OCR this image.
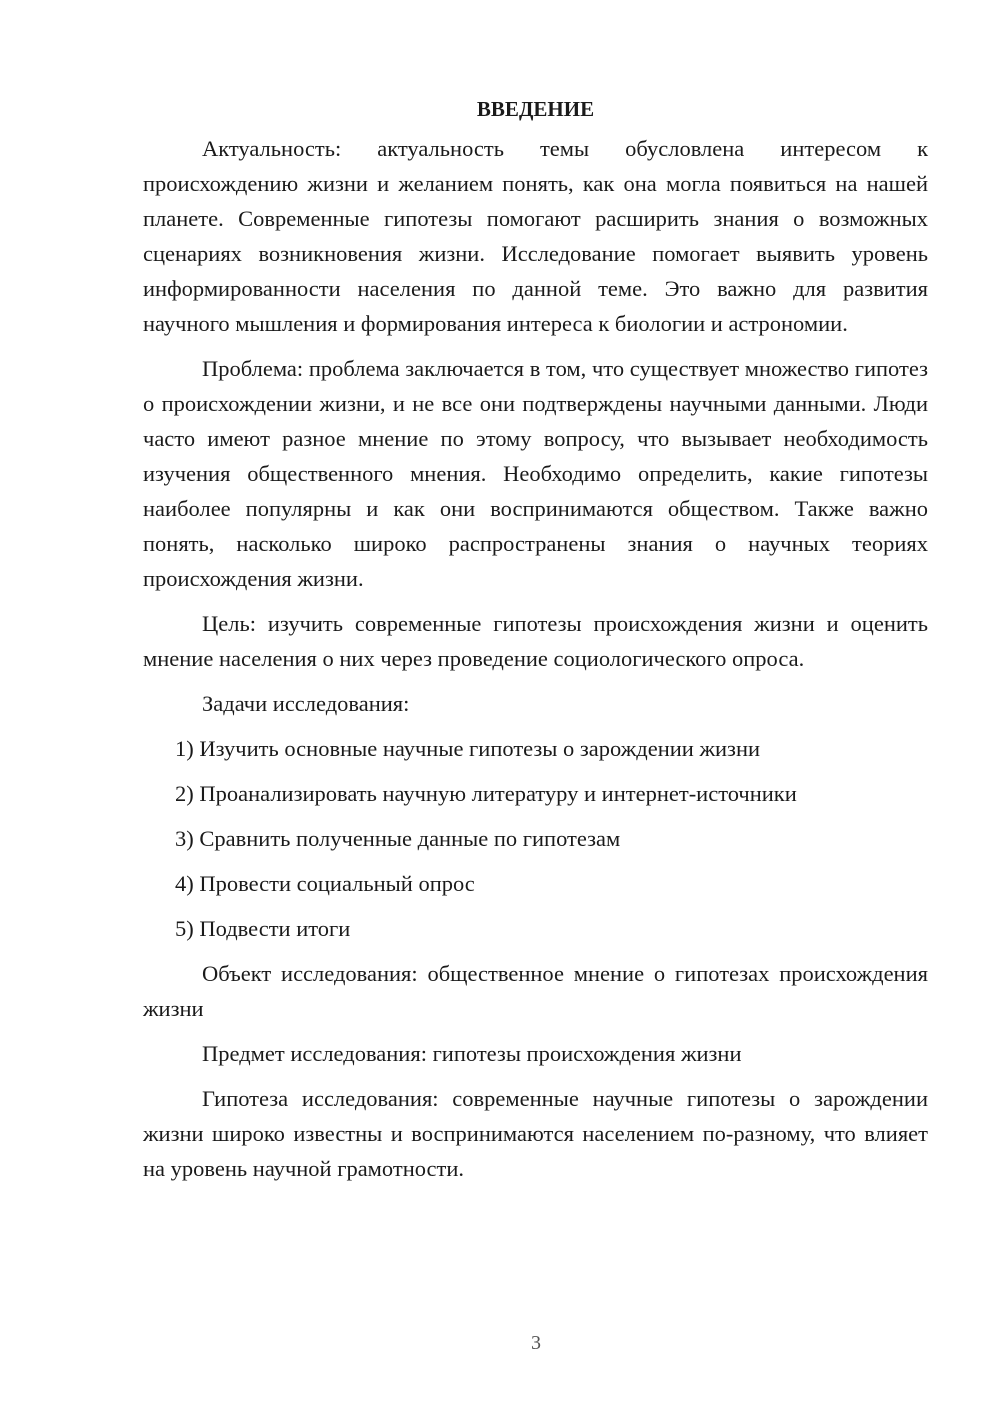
ВВЕДЕНИЕ

Актуальность: актуальность темы обусловлена интересом к происхождению жизни и желанием понять, как она могла появиться на нашей планете. Современные гипотезы помогают расширить знания о возможных сценариях возникновения жизни. Исследование помогает выявить уровень информированности населения по данной теме. Это важно для развития научного мышления и формирования интереса к биологии и астрономии.

Проблема: проблема заключается в том, что существует множество гипотез о происхождении жизни, и не все они подтверждены научными данными. Люди часто имеют разное мнение по этому вопросу, что вызывает необходимость изучения общественного мнения. Необходимо определить, какие гипотезы наиболее популярны и как они воспринимаются обществом. Также важно понять, насколько широко распространены знания о научных теориях происхождения жизни.

Цель: изучить современные гипотезы происхождения жизни и оценить мнение населения о них через проведение социологического опроса.

Задачи исследования:

1) Изучить основные научные гипотезы о зарождении жизни
2) Проанализировать научную литературу и интернет-источники
3) Сравнить полученные данные по гипотезам
4) Провести социальный опрос
5) Подвести итоги

Объект исследования: общественное мнение о гипотезах происхождения жизни

Предмет исследования: гипотезы происхождения жизни

Гипотеза исследования: современные научные гипотезы о зарождении жизни широко известны и воспринимаются населением по-разному, что влияет на уровень научной грамотности.

3
